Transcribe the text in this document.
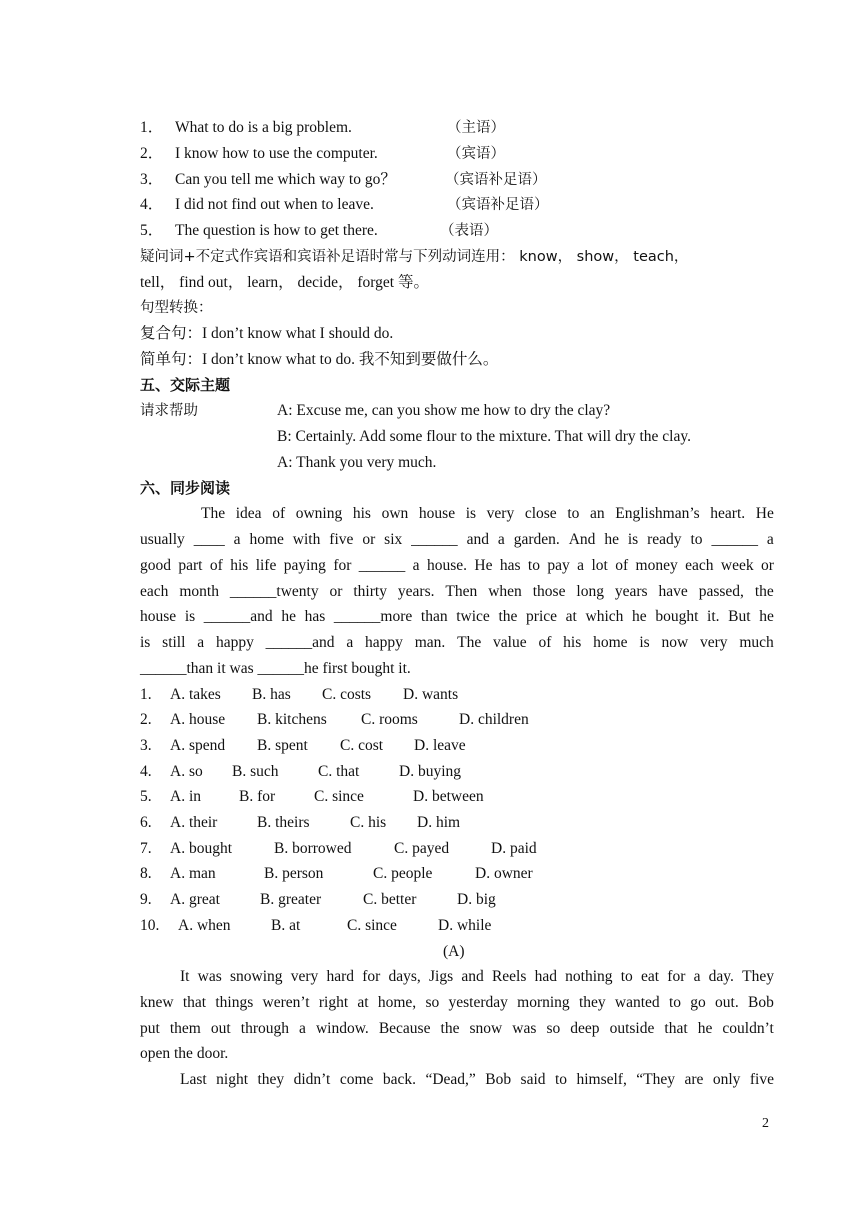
1． What to do is a big problem.	（主语）
2． I know how to use the computer.	（宾语）
3． Can you tell me which way to go？	（宾语补足语）
4． I did not find out when to leave.	（宾语补足语）
5． The question is how to get there.	（表语）
疑问词+不定式作宾语和宾语补足语时常与下列动词连用： know， show， teach，
tell， find out， learn， decide， forget 等。
句型转换：
复合句：I don’t know what I should do.
简单句：I don’t know what to do. 我不知到要做什么。
五、交际主题
请求帮助	A: Excuse me, can you show me how to dry the clay?
B: Certainly. Add some flour to the mixture. That will dry the clay.
A: Thank you very much.
六、同步阅读
The idea of owning his own house is very close to an Englishman’s heart. He
usually ____ a home with five or six ______ and a garden. And he is ready to ______ a
good part of his life paying for ______ a house. He has to pay a lot of money each week or
each month ______twenty or thirty years. Then when those long years have passed, the
house is ______and he has ______more than twice the price at which he bought it. But he
is still a happy ______and a happy man. The value of his home is now very much
______than it was ______he first bought it.
1. A. takes B. has C. costs D. wants
2. A. house B. kitchens C. rooms	D. children
3. A. spend B. spent C. cost D. leave
4. A. so B. such	C. that	D. buying
5. A. in B. for	C. since	D. between
6. A. their	B. theirs	C. his D. him
7. A. bought	B. borrowed	C. payed	D. paid
8. A. man	B. person	C. people	D. owner
9. A. great	B. greater	C. better	D. big
10. A. when	B. at	C. since	D. while
(A)
It was snowing very hard for days, Jigs and Reels had nothing to eat for a day. They
knew that things weren’t right at home, so yesterday morning they wanted to go out. Bob
put them out through a window. Because the snow was so deep outside that he couldn’t
open the door.
Last night they didn’t come back. “Dead,” Bob said to himself, “They are only five
2
